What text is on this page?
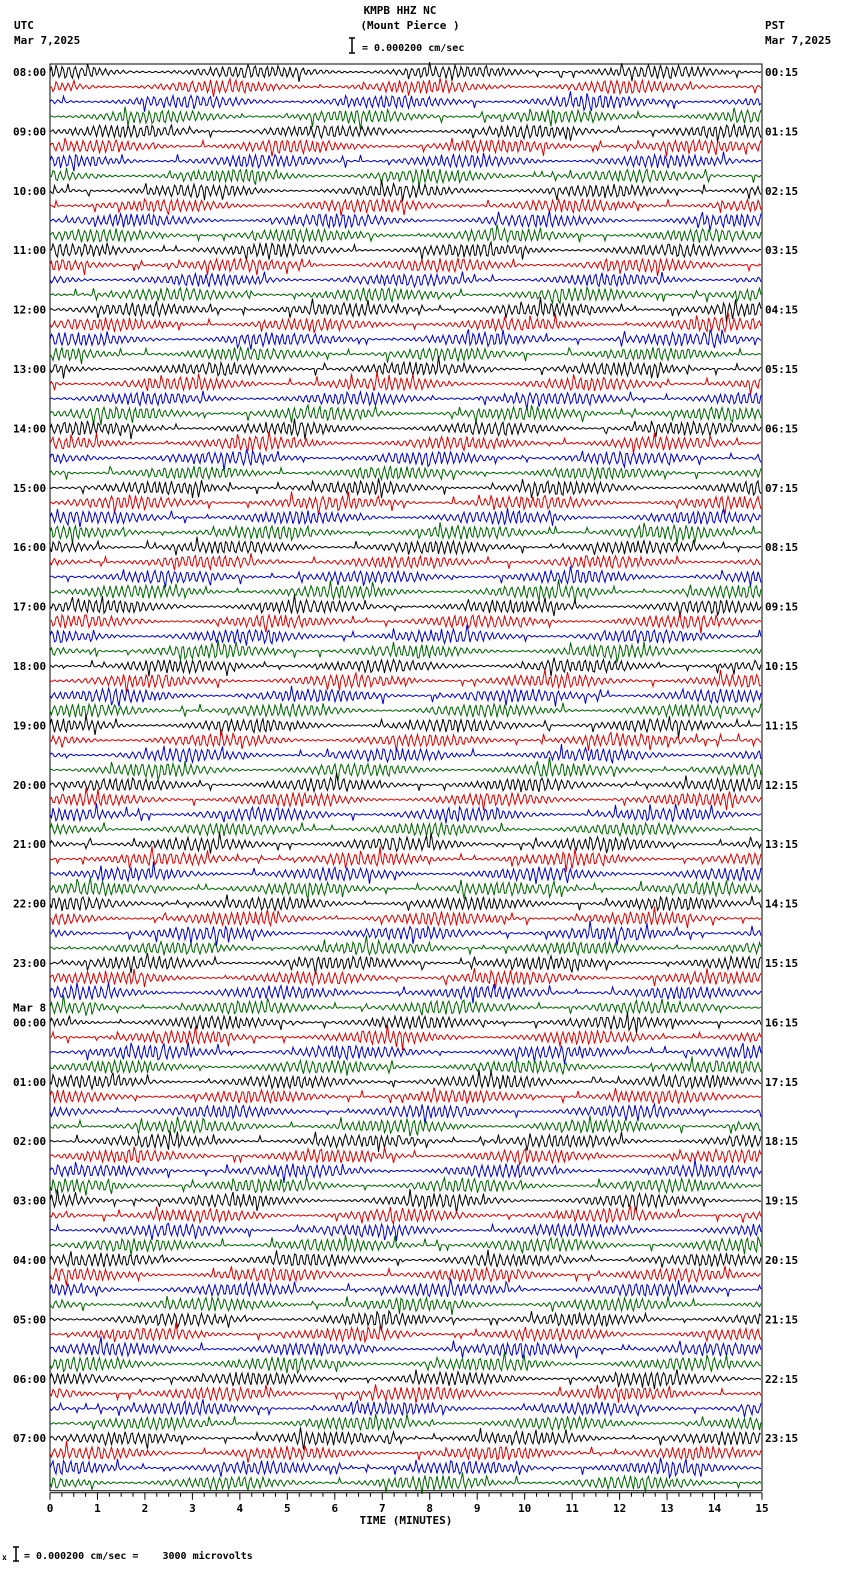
KMPB HHZ NC
(Mount Pierce )
= 0.000200 cm/sec
UTC
Mar 7,2025
PST
Mar 7,2025
08:00	00:15
09:00	01:15
10:00	02:15
11:00	03:15
12:00	04:15
13:00	05:15
14:00	06:15
15:00	07:15
16:00	08:15
17:00	09:15
18:00	10:15
19:00	11:15
20:00	12:15
21:00	13:15
22:00	14:15
23:00	15:15
00:00	16:15
01:00	17:15
02:00	18:15
03:00	19:15
04:00	20:15
05:00	21:15
06:00	22:15
07:00	23:15
Mar 8
0	1	2	3	4	5	6	7	8	9	10	11	12	13	14	15
TIME (MINUTES)
x = 0.000200 cm/sec =    3000 microvolts
